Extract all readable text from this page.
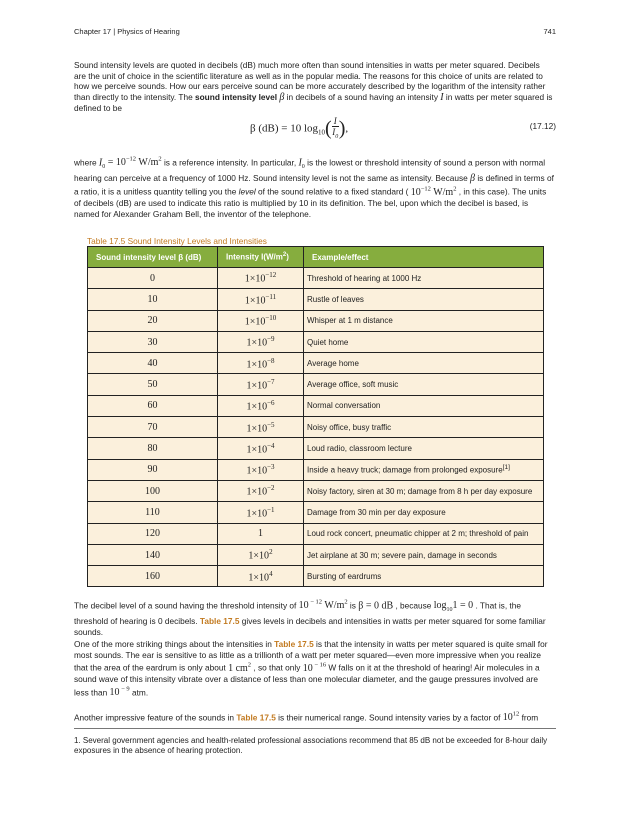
Chapter 17 | Physics of Hearing	741

Sound intensity levels are quoted in decibels (dB) much more often than sound intensities in watts per meter squared. Decibels are the unit of choice in the scientific literature as well as in the popular media. The reasons for this choice of units are related to how we perceive sounds. How our ears perceive sound can be more accurately described by the logarithm of the intensity rather than directly to the intensity. The sound intensity level β in decibels of a sound having an intensity I in watts per meter squared is defined to be

β (dB) = 10 $\log_{10}( \frac{I}{I_0})$,	(17.12)

where $I_0 = 10^{-12}$ $W/m^2$ is a reference intensity. In particular, $I_0$ is the lowest or threshold intensity of sound a person with normal hearing can perceive at a frequency of 1000 Hz. Sound intensity level is not the same as intensity. Because β is defined in terms of a ratio, it is a unitless quantity telling you the level of the sound relative to a fixed standard ( $10^{-12}$ $W/m^2$ , in this case). The units of decibels (dB) are used to indicate this ratio is multiplied by 10 in its definition. The bel, upon which the decibel is based, is named for Alexander Graham Bell, the inventor of the telephone.

Table 17.5 Sound Intensity Levels and Intensities
Sound intensity level β (dB)	Intensity $I(W/m^2)$	Example/effect
0	$1\times 10^{-12}$	Threshold of hearing at 1000 Hz
10	$1\times 10^{-11}$	Rustle of leaves
20	$1\times 10^{-10}$	Whisper at 1 m distance
30	$1\times 10^{-9}$	Quiet home
40	$1\times 10^{-8}$	Average home
50	$1\times 10^{-7}$	Average office, soft music
60	$1\times 10^{-6}$	Normal conversation
70	$1\times 10^{-5}$	Noisy office, busy traffic
80	$1\times 10^{-4}$	Loud radio, classroom lecture
90	$1\times 10^{-3}$	Inside a heavy truck; damage from prolonged exposure[1]
100	$1\times 10^{-2}$	Noisy factory, siren at 30 m; damage from 8 h per day exposure
110	$1\times 10^{-1}$	Damage from 30 min per day exposure
120	1	Loud rock concert, pneumatic chipper at 2 m; threshold of pain
140	$1\times 10^2$	Jet airplane at 30 m; severe pain, damage in seconds
160	$1\times 10^4$	Bursting of eardrums

The decibel level of a sound having the threshold intensity of 10 $^{- 12}$ $W/m^2$ is β = 0 dB , because $\log_{10}1 = 0$ . That is, the threshold of hearing is 0 decibels. Table 17.5 gives levels in decibels and intensities in watts per meter squared for some familiar sounds.

One of the more striking things about the intensities in Table 17.5 is that the intensity in watts per meter squared is quite small for most sounds. The ear is sensitive to as little as a trillionth of a watt per meter squared—even more impressive when you realize that the area of the eardrum is only about 1 $cm^2$ , so that only 10 $^{- 16}$ W falls on it at the threshold of hearing! Air molecules in a sound wave of this intensity vibrate over a distance of less than one molecular diameter, and the gauge pressures involved are less than 10 $^{- 9}$ atm.

Another impressive feature of the sounds in Table 17.5 is their numerical range. Sound intensity varies by a factor of $10^{12}$ from

1. Several government agencies and health-related professional associations recommend that 85 dB not be exceeded for 8-hour daily exposures in the absence of hearing protection.
